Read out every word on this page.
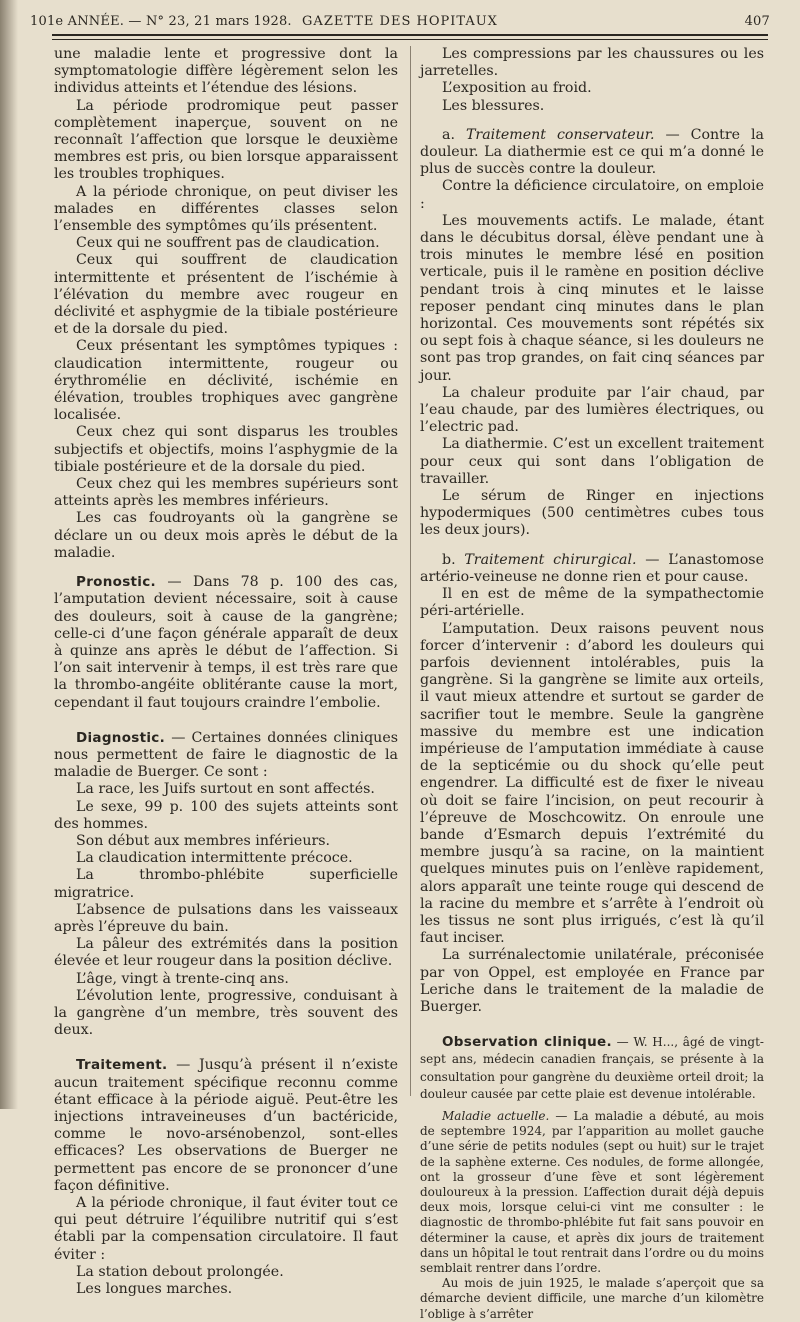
101e ANNÉE. — N° 23, 21 mars 1928. GAZETTE DES HOPITAUX	407

une maladie lente et progressive dont la symptomatologie diffère légèrement selon les individus atteints et l’étendue des lésions.

La période prodromique peut passer complètement inaperçue, souvent on ne reconnaît l’affection que lorsque le deuxième membres est pris, ou bien lorsque apparaissent les troubles trophiques.

A la période chronique, on peut diviser les malades en différentes classes selon l’ensemble des symptômes qu’ils présentent.

Ceux qui ne souffrent pas de claudication.

Ceux qui souffrent de claudication intermittente et présentent de l’ischémie à l’élévation du membre avec rougeur en déclivité et asphygmie de la tibiale postérieure et de la dorsale du pied.

Ceux présentant les symptômes typiques : claudication intermittente, rougeur ou érythromélie en déclivité, ischémie en élévation, troubles trophiques avec gangrène localisée.

Ceux chez qui sont disparus les troubles subjectifs et objectifs, moins l’asphygmie de la tibiale postérieure et de la dorsale du pied.

Ceux chez qui les membres supérieurs sont atteints après les membres inférieurs.

Les cas foudroyants où la gangrène se déclare un ou deux mois après le début de la maladie.

Pronostic. — Dans 78 p. 100 des cas, l’amputation devient nécessaire, soit à cause des douleurs, soit à cause de la gangrène; celle-ci d’une façon générale apparaît de deux à quinze ans après le début de l’affection. Si l’on sait intervenir à temps, il est très rare que la thrombo-angéite oblitérante cause la mort, cependant il faut toujours craindre l’embolie.

Diagnostic. — Certaines données cliniques nous permettent de faire le diagnostic de la maladie de Buerger. Ce sont :

La race, les Juifs surtout en sont affectés.

Le sexe, 99 p. 100 des sujets atteints sont des hommes.

Son début aux membres inférieurs.

La claudication intermittente précoce.

La thrombo-phlébite superficielle migratrice.

L’absence de pulsations dans les vaisseaux après l’épreuve du bain.

La pâleur des extrémités dans la position élevée et leur rougeur dans la position déclive.

L’âge, vingt à trente-cinq ans.

L’évolution lente, progressive, conduisant à la gangrène d’un membre, très souvent des deux.

Traitement. — Jusqu’à présent il n’existe aucun traitement spécifique reconnu comme étant efficace à la période aiguë. Peut-être les injections intraveineuses d’un bactéricide, comme le novo-arsénobenzol, sont-elles efficaces? Les observations de Buerger ne permettent pas encore de se prononcer d’une façon définitive.

A la période chronique, il faut éviter tout ce qui peut détruire l’équilibre nutritif qui s’est établi par la compensation circulatoire. Il faut éviter :

La station debout prolongée.

Les longues marches.

Les compressions par les chaussures ou les jarretelles.

L’exposition au froid.

Les blessures.

a. Traitement conservateur. — Contre la douleur. La diathermie est ce qui m’a donné le plus de succès contre la douleur.

Contre la déficience circulatoire, on emploie :

Les mouvements actifs. Le malade, étant dans le décubitus dorsal, élève pendant une à trois minutes le membre lésé en position verticale, puis il le ramène en position déclive pendant trois à cinq minutes et le laisse reposer pendant cinq minutes dans le plan horizontal. Ces mouvements sont répétés six ou sept fois à chaque séance, si les douleurs ne sont pas trop grandes, on fait cinq séances par jour.

La chaleur produite par l’air chaud, par l’eau chaude, par des lumières électriques, ou l’electric pad.

La diathermie. C’est un excellent traitement pour ceux qui sont dans l’obligation de travailler.

Le sérum de Ringer en injections hypodermiques (500 centimètres cubes tous les deux jours).

b. Traitement chirurgical. — L’anastomose artério-veineuse ne donne rien et pour cause.

Il en est de même de la sympathectomie péri-artérielle.

L’amputation. Deux raisons peuvent nous forcer d’intervenir : d’abord les douleurs qui parfois deviennent intolérables, puis la gangrène. Si la gangrène se limite aux orteils, il vaut mieux attendre et surtout se garder de sacrifier tout le membre. Seule la gangrène massive du membre est une indication impérieuse de l’amputation immédiate à cause de la septicémie ou du shock qu’elle peut engendrer. La difficulté est de fixer le niveau où doit se faire l’incision, on peut recourir à l’épreuve de Moschcowitz. On enroule une bande d’Esmarch depuis l’extrémité du membre jusqu’à sa racine, on la maintient quelques minutes puis on l’enlève rapidement, alors apparaît une teinte rouge qui descend de la racine du membre et s’arrête à l’endroit où les tissus ne sont plus irrigués, c’est là qu’il faut inciser.

La surrénalectomie unilatérale, préconisée par von Oppel, est employée en France par Leriche dans le traitement de la maladie de Buerger.

Observation clinique. — W. H..., âgé de vingt-sept ans, médecin canadien français, se présente à la consultation pour gangrène du deuxième orteil droit; la douleur causée par cette plaie est devenue intolérable.

Maladie actuelle. — La maladie a débuté, au mois de septembre 1924, par l’apparition au mollet gauche d’une série de petits nodules (sept ou huit) sur le trajet de la saphène externe. Ces nodules, de forme allongée, ont la grosseur d’une fève et sont légèrement douloureux à la pression. L’affection durait déjà depuis deux mois, lorsque celui-ci vint me consulter : le diagnostic de thrombo-phlébite fut fait sans pouvoir en déterminer la cause, et après dix jours de traitement dans un hôpital le tout rentrait dans l’ordre ou du moins semblait rentrer dans l’ordre.

Au mois de juin 1925, le malade s’aperçoit que sa démarche devient difficile, une marche d’un kilomètre l’oblige à s’arrêter
